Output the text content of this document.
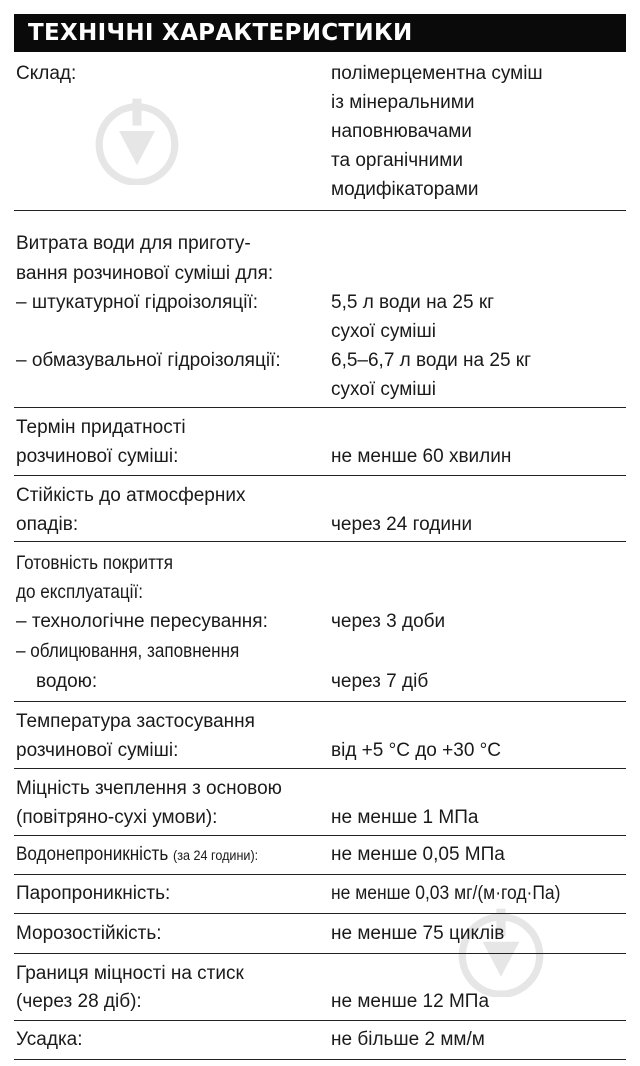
ТЕХНІЧНІ ХАРАКТЕРИСТИКИ
Склад:	полімерцементна суміш
із мінеральними
наповнювачами
та органічними
модифікаторами
Витрата води для приготу-
вання розчинової суміші для:
– штукатурної гідроізоляції:	5,5 л води на 25 кг
сухої суміші
– обмазувальної гідроізоляції:	6,5–6,7 л води на 25 кг
сухої суміші
Термін придатності
розчинової суміші:	не менше 60 хвилин
Стійкість до атмосферних
опадів:	через 24 години
Готовність покриття
до експлуатації:
– технологічне пересування:	через 3 доби
– облицювання, заповнення
водою:	через 7 діб
Температура застосування
розчинової суміші:	від +5 °С до +30 °С
Міцність зчеплення з основою
(повітряно-сухі умови):	не менше 1 МПа
Водонепроникність (за 24 години):	не менше 0,05 МПа
Паропроникність:	не менше 0,03 мг/(м·год·Па)
Морозостійкість:	не менше 75 циклів
Границя міцності на стиск
(через 28 діб):	не менше 12 МПа
Усадка:	не більше 2 мм/м
